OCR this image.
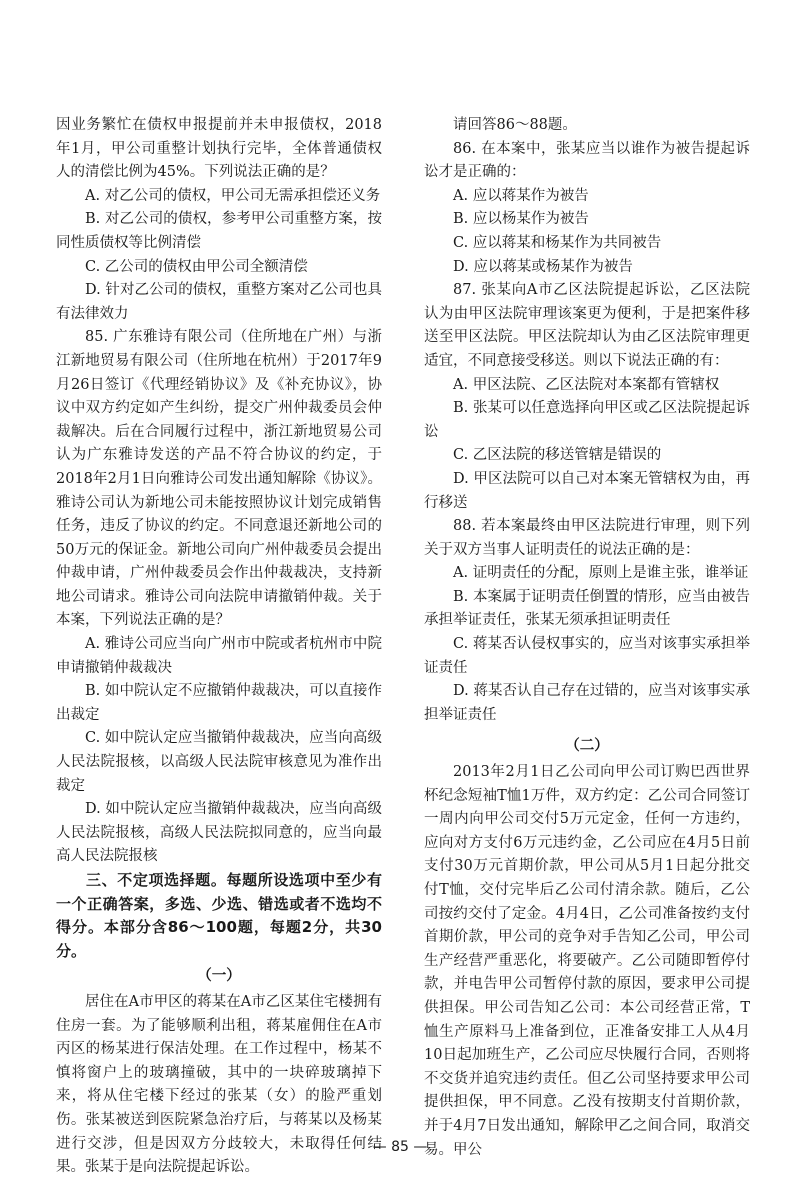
因业务繁忙在债权申报提前并未申报债权，2018年1月，甲公司重整计划执行完毕，全体普通债权人的清偿比例为45%。下列说法正确的是？

A. 对乙公司的债权，甲公司无需承担偿还义务

B. 对乙公司的债权，参考甲公司重整方案，按同性质债权等比例清偿

C. 乙公司的债权由甲公司全额清偿

D. 针对乙公司的债权，重整方案对乙公司也具有法律效力

85. 广东雅诗有限公司（住所地在广州）与浙江新地贸易有限公司（住所地在杭州）于2017年9月26日签订《代理经销协议》及《补充协议》，协议中双方约定如产生纠纷，提交广州仲裁委员会仲裁解决。后在合同履行过程中，浙江新地贸易公司认为广东雅诗发送的产品不符合协议的约定，于2018年2月1日向雅诗公司发出通知解除《协议》。雅诗公司认为新地公司未能按照协议计划完成销售任务，违反了协议的约定。不同意退还新地公司的50万元的保证金。新地公司向广州仲裁委员会提出仲裁申请，广州仲裁委员会作出仲裁裁决，支持新地公司请求。雅诗公司向法院申请撤销仲裁。关于本案，下列说法正确的是？

A. 雅诗公司应当向广州市中院或者杭州市中院申请撤销仲裁裁决

B. 如中院认定不应撤销仲裁裁决，可以直接作出裁定

C. 如中院认定应当撤销仲裁裁决，应当向高级人民法院报核，以高级人民法院审核意见为准作出裁定

D. 如中院认定应当撤销仲裁裁决，应当向高级人民法院报核，高级人民法院拟同意的，应当向最高人民法院报核

三、不定项选择题。每题所设选项中至少有一个正确答案，多选、少选、错选或者不选均不得分。本部分含86～100题，每题2分，共30分。

（一）

居住在A市甲区的蒋某在A市乙区某住宅楼拥有住房一套。为了能够顺利出租，蒋某雇佣住在A市丙区的杨某进行保洁处理。在工作过程中，杨某不慎将窗户上的玻璃撞破，其中的一块碎玻璃掉下来，将从住宅楼下经过的张某（女）的脸严重划伤。张某被送到医院紧急治疗后，与蒋某以及杨某进行交涉，但是因双方分歧较大，未取得任何结果。张某于是向法院提起诉讼。

请回答86～88题。

86. 在本案中，张某应当以谁作为被告提起诉讼才是正确的：

A. 应以蒋某作为被告

B. 应以杨某作为被告

C. 应以蒋某和杨某作为共同被告

D. 应以蒋某或杨某作为被告

87. 张某向A市乙区法院提起诉讼，乙区法院认为由甲区法院审理该案更为便利，于是把案件移送至甲区法院。甲区法院却认为由乙区法院审理更适宜，不同意接受移送。则以下说法正确的有：

A. 甲区法院、乙区法院对本案都有管辖权

B. 张某可以任意选择向甲区或乙区法院提起诉讼

C. 乙区法院的移送管辖是错误的

D. 甲区法院可以自己对本案无管辖权为由，再行移送

88. 若本案最终由甲区法院进行审理，则下列关于双方当事人证明责任的说法正确的是：

A. 证明责任的分配，原则上是谁主张，谁举证

B. 本案属于证明责任倒置的情形，应当由被告承担举证责任，张某无须承担证明责任

C. 蒋某否认侵权事实的，应当对该事实承担举证责任

D. 蒋某否认自己存在过错的，应当对该事实承担举证责任

（二）

2013年2月1日乙公司向甲公司订购巴西世界杯纪念短袖T恤1万件，双方约定：乙公司合同签订一周内向甲公司交付5万元定金，任何一方违约，应向对方支付6万元违约金，乙公司应在4月5日前支付30万元首期价款，甲公司从5月1日起分批交付T恤，交付完毕后乙公司付清余款。随后，乙公司按约交付了定金。4月4日，乙公司准备按约支付首期价款，甲公司的竞争对手告知乙公司，甲公司生产经营严重恶化，将要破产。乙公司随即暂停付款，并电告甲公司暂停付款的原因，要求甲公司提供担保。甲公司告知乙公司：本公司经营正常，T恤生产原料马上准备到位，正准备安排工人从4月10日起加班生产，乙公司应尽快履行合同，否则将不交货并追究违约责任。但乙公司坚持要求甲公司提供担保，甲不同意。乙没有按期支付首期价款，并于4月7日发出通知，解除甲乙之间合同，取消交易。甲公

— 85 —
